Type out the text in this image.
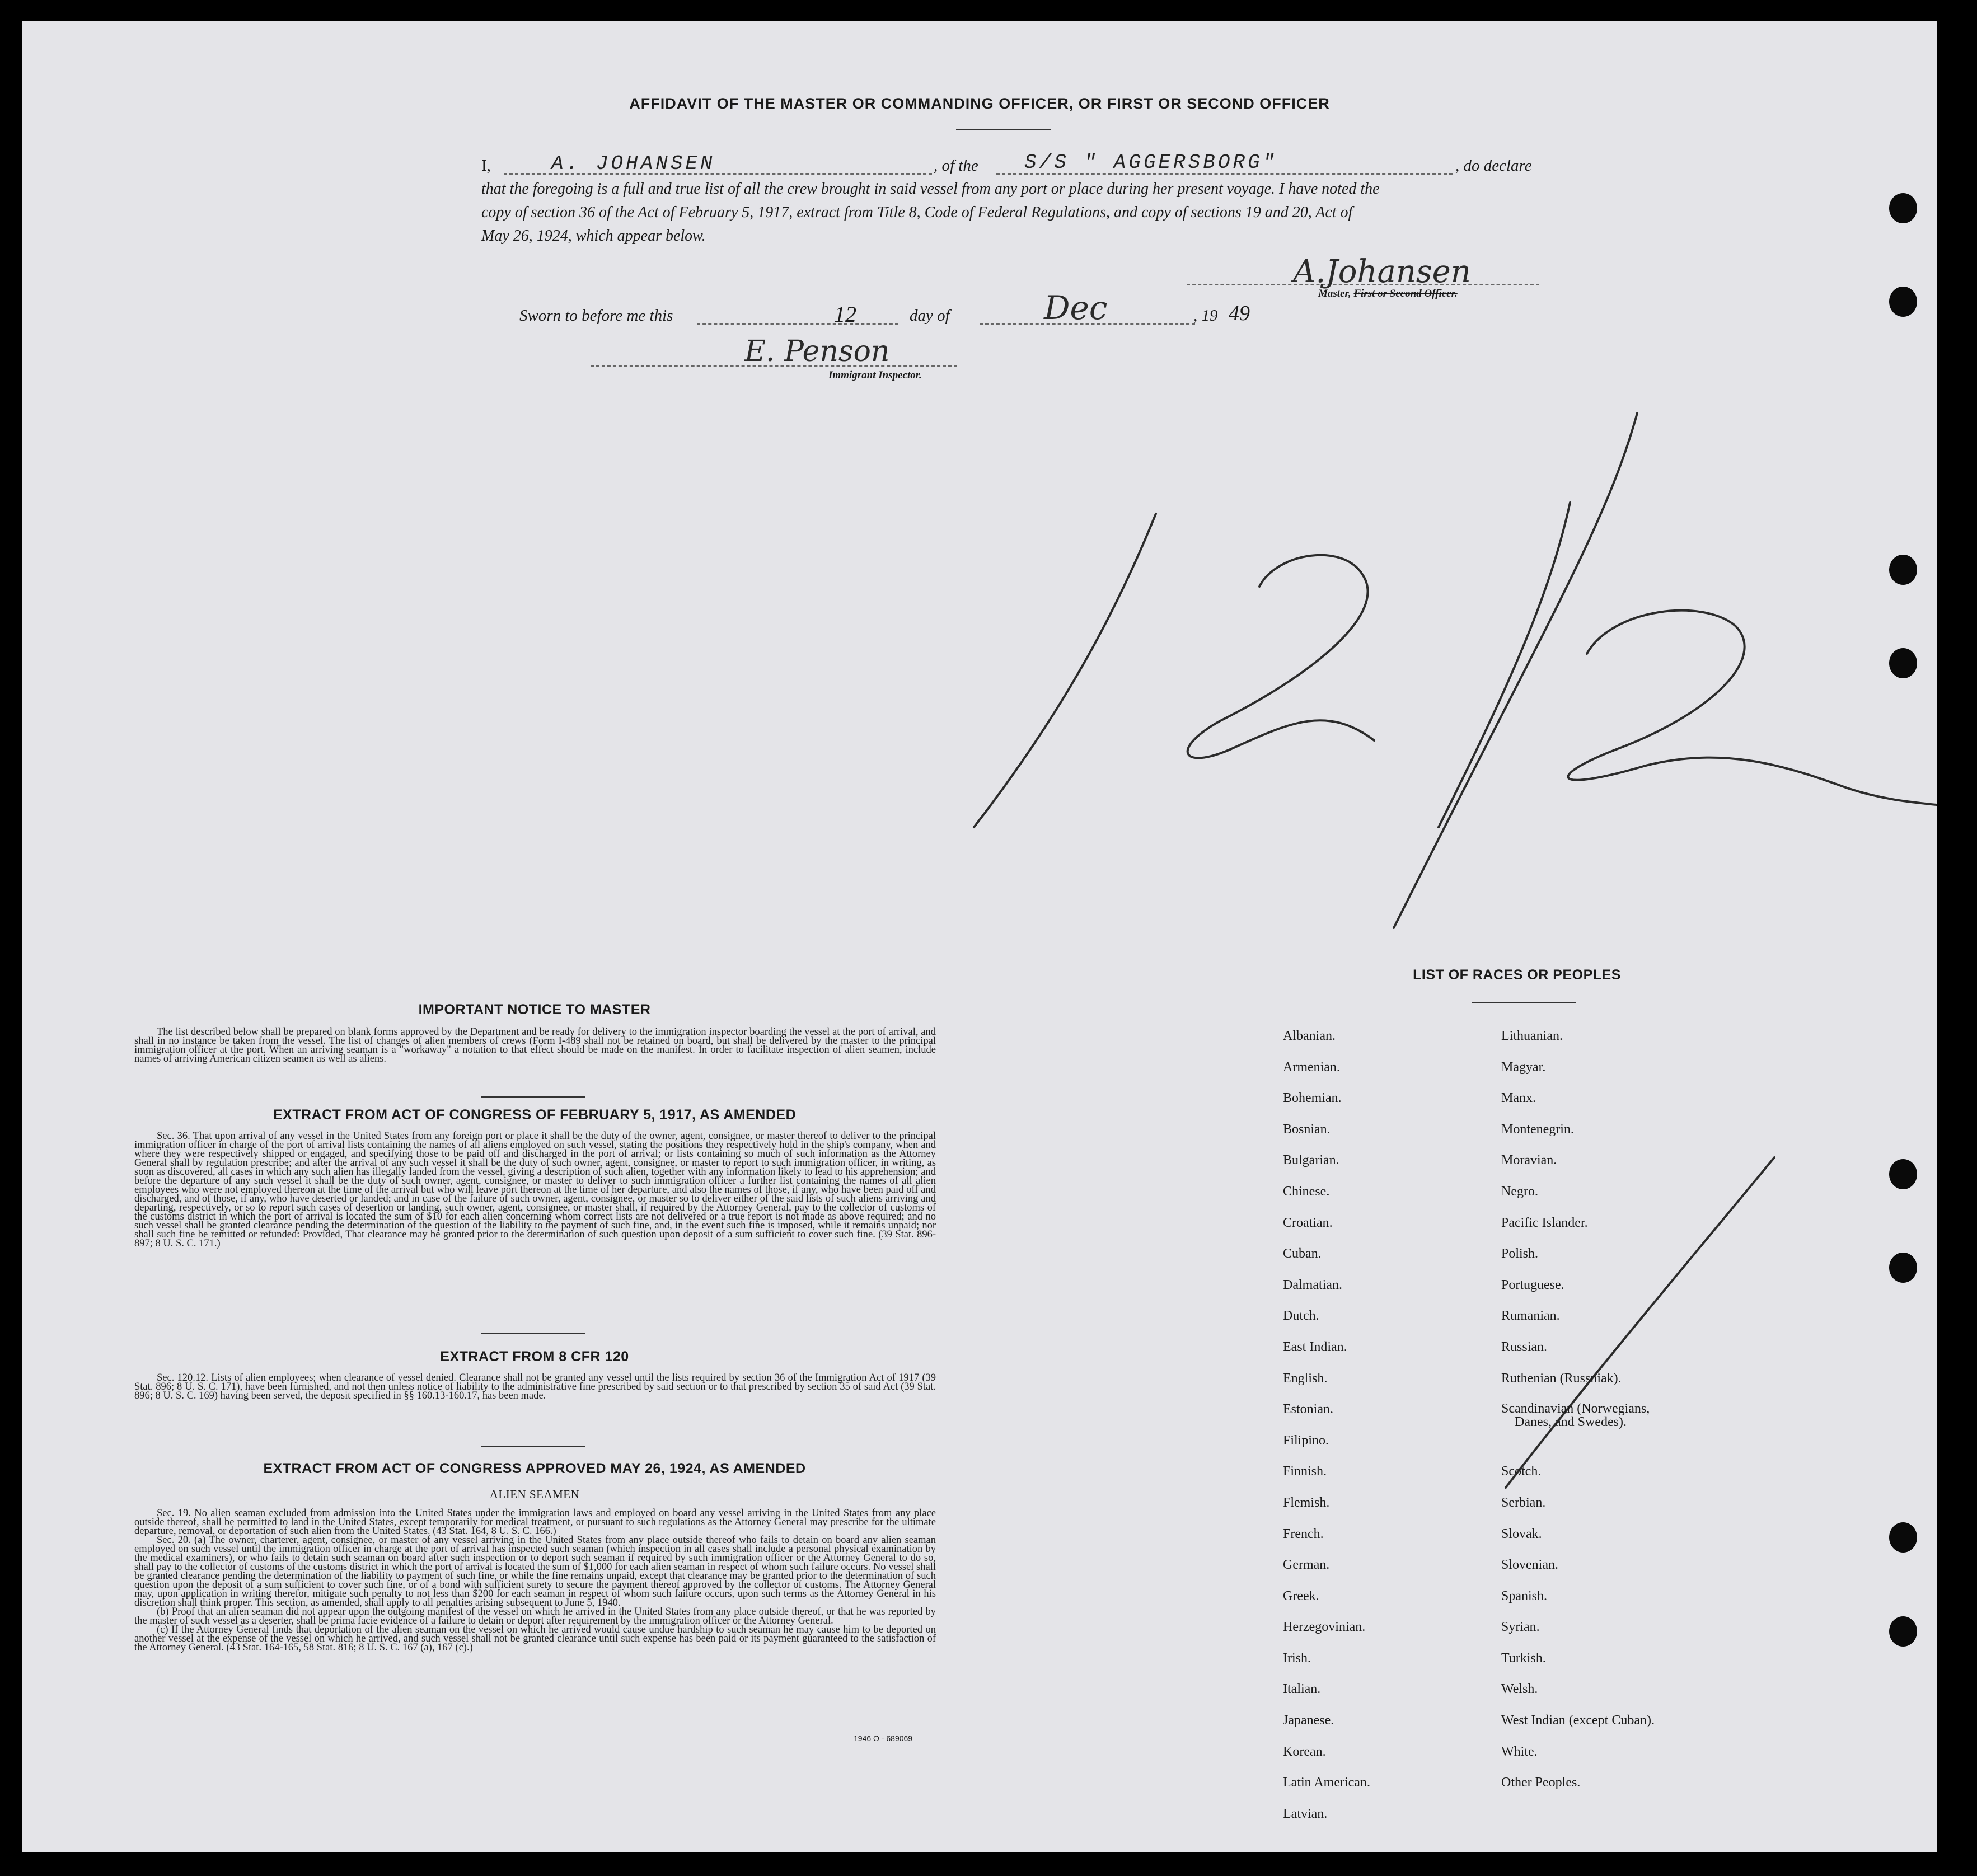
AFFIDAVIT OF THE MASTER OR COMMANDING OFFICER, OR FIRST OR SECOND OFFICER
I,	A. JOHANSEN	, of the S/S " AGGERSBORG"	, do declare
that the foregoing is a full and true list of all the crew brought in said vessel from any port or place during her present voyage. I have noted the
copy of section 36 of the Act of February 5, 1917, extract from Title 8, Code of Federal Regulations, and copy of sections 19 and 20, Act of
May 26, 1924, which appear below.
A.Johansen
Master, First or Second Officer.
Sworn to before me this	12	day of	Dec	, 19 49
E. Penson
Immigrant Inspector.
IMPORTANT NOTICE TO MASTER

The list described below shall be prepared on blank forms approved by the Department and be ready for delivery to the immigration inspector boarding the vessel at the port of arrival, and shall in no instance be taken from the vessel. The list of changes of alien members of crews (Form I-489 shall not be retained on board, but shall be delivered by the master to the principal immigration officer at the port. When an arriving seaman is a "workaway" a notation to that effect should be made on the manifest. In order to facilitate inspection of alien seamen, include names of arriving American citizen seamen as well as aliens.

EXTRACT FROM ACT OF CONGRESS OF FEBRUARY 5, 1917, AS AMENDED

Sec. 36. That upon arrival of any vessel in the United States from any foreign port or place it shall be the duty of the owner, agent, consignee, or master thereof to deliver to the principal immigration officer in charge of the port of arrival lists containing the names of all aliens employed on such vessel, stating the positions they respectively hold in the ship's company, when and where they were respectively shipped or engaged, and specifying those to be paid off and discharged in the port of arrival; or lists containing so much of such information as the Attorney General shall by regulation prescribe; and after the arrival of any such vessel it shall be the duty of such owner, agent, consignee, or master to report to such immigration officer, in writing, as soon as discovered, all cases in which any such alien has illegally landed from the vessel, giving a description of such alien, together with any information likely to lead to his apprehension; and before the departure of any such vessel it shall be the duty of such owner, agent, consignee, or master to deliver to such immigration officer a further list containing the names of all alien employees who were not employed thereon at the time of the arrival but who will leave port thereon at the time of her departure, and also the names of those, if any, who have been paid off and discharged, and of those, if any, who have deserted or landed; and in case of the failure of such owner, agent, consignee, or master so to deliver either of the said lists of such aliens arriving and departing, respectively, or so to report such cases of desertion or landing, such owner, agent, consignee, or master shall, if required by the Attorney General, pay to the collector of customs of the customs district in which the port of arrival is located the sum of $10 for each alien concerning whom correct lists are not delivered or a true report is not made as above required; and no such vessel shall be granted clearance pending the determination of the question of the liability to the payment of such fine, and, in the event such fine is imposed, while it remains unpaid; nor shall such fine be remitted or refunded: Provided, That clearance may be granted prior to the determination of such question upon deposit of a sum sufficient to cover such fine. (39 Stat. 896-897; 8 U. S. C. 171.)

EXTRACT FROM 8 CFR 120

Sec. 120.12. Lists of alien employees; when clearance of vessel denied. Clearance shall not be granted any vessel until the lists required by section 36 of the Immigration Act of 1917 (39 Stat. 896; 8 U. S. C. 171), have been furnished, and not then unless notice of liability to the administrative fine prescribed by said section or to that prescribed by section 35 of said Act (39 Stat. 896; 8 U. S. C. 169) having been served, the deposit specified in §§ 160.13-160.17, has been made.

EXTRACT FROM ACT OF CONGRESS APPROVED MAY 26, 1924, AS AMENDED
ALIEN SEAMEN

Sec. 19. No alien seaman excluded from admission into the United States under the immigration laws and employed on board any vessel arriving in the United States from any place outside thereof, shall be permitted to land in the United States, except temporarily for medical treatment, or pursuant to such regulations as the Attorney General may prescribe for the ultimate departure, removal, or deportation of such alien from the United States. (43 Stat. 164, 8 U. S. C. 166.)

Sec. 20. (a) The owner, charterer, agent, consignee, or master of any vessel arriving in the United States from any place outside thereof who fails to detain on board any alien seaman employed on such vessel until the immigration officer in charge at the port of arrival has inspected such seaman (which inspection in all cases shall include a personal physical examination by the medical examiners), or who fails to detain such seaman on board after such inspection or to deport such seaman if required by such immigration officer or the Attorney General to do so, shall pay to the collector of customs of the customs district in which the port of arrival is located the sum of $1,000 for each alien seaman in respect of whom such failure occurs. No vessel shall be granted clearance pending the determination of the liability to payment of such fine, or while the fine remains unpaid, except that clearance may be granted prior to the determination of such question upon the deposit of a sum sufficient to cover such fine, or of a bond with sufficient surety to secure the payment thereof approved by the collector of customs. The Attorney General may, upon application in writing therefor, mitigate such penalty to not less than $200 for each seaman in respect of whom such failure occurs, upon such terms as the Attorney General in his discretion shall think proper. This section, as amended, shall apply to all penalties arising subsequent to June 5, 1940.

(b) Proof that an alien seaman did not appear upon the outgoing manifest of the vessel on which he arrived in the United States from any place outside thereof, or that he was reported by the master of such vessel as a deserter, shall be prima facie evidence of a failure to detain or deport after requirement by the immigration officer or the Attorney General.

(c) If the Attorney General finds that deportation of the alien seaman on the vessel on which he arrived would cause undue hardship to such seaman he may cause him to be deported on another vessel at the expense of the vessel on which he arrived, and such vessel shall not be granted clearance until such expense has been paid or its payment guaranteed to the satisfaction of the Attorney General. (43 Stat. 164-165, 58 Stat. 816; 8 U. S. C. 167 (a), 167 (c).)

1946 O - 689069
LIST OF RACES OR PEOPLES
Albanian.
Armenian.
Bohemian.
Bosnian.
Bulgarian.
Chinese.
Croatian.
Cuban.
Dalmatian.
Dutch.
East Indian.
English.
Estonian.
Filipino.
Finnish.
Flemish.
French.
German.
Greek.
Herzegovinian.
Irish.
Italian.
Japanese.
Korean.
Latin American.
Latvian.
Lithuanian.
Magyar.
Manx.
Montenegrin.
Moravian.
Negro.
Pacific Islander.
Polish.
Portuguese.
Rumanian.
Russian.
Ruthenian (Russniak).
Scandinavian (Norwegians,
Danes, and Swedes).
Scotch.
Serbian.
Slovak.
Slovenian.
Spanish.
Syrian.
Turkish.
Welsh.
West Indian (except Cuban).
White.
Other Peoples.
